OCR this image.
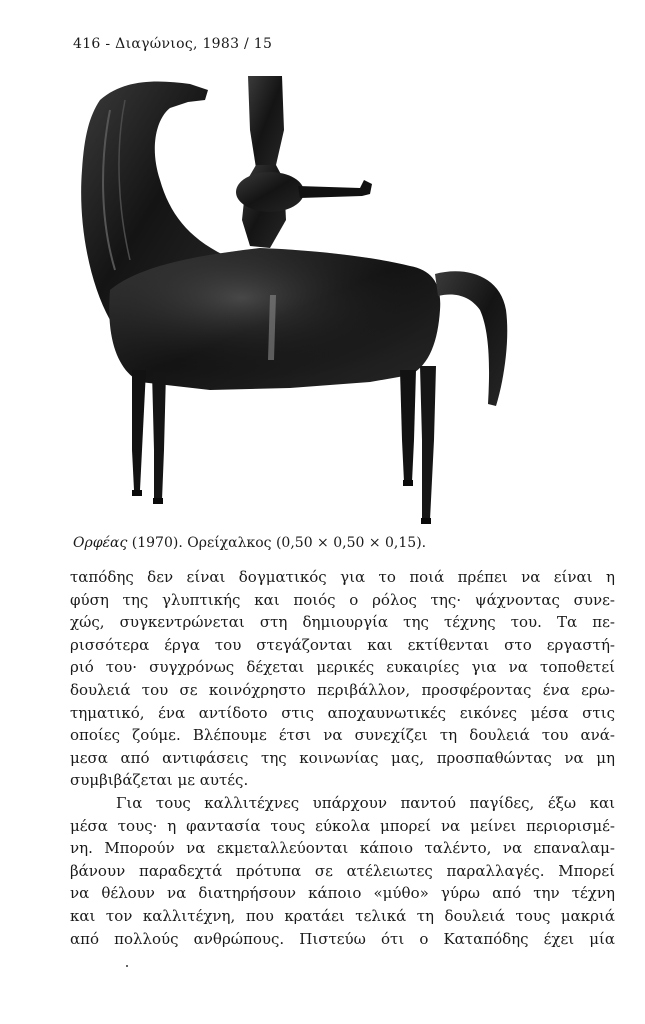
416 - Διαγώνιος, 1983 / 15
Ορφέας (1970). Ορείχαλκος (0,50 × 0,50 × 0,15).
ταπόδης δεν είναι δογματικός για το ποιά πρέπει να είναι η
φύση της γλυπτικής και ποιός ο ρόλος της· ψάχνοντας συνε-
χώς, συγκεντρώνεται στη δημιουργία της τέχνης του. Τα πε-
ρισσότερα έργα του στεγάζονται και εκτίθενται στο εργαστή-
ριό του· συγχρόνως δέχεται μερικές ευκαιρίες για να τοποθετεί
δουλειά του σε κοινόχρηστο περιβάλλον, προσφέροντας ένα ερω-
τηματικό, ένα αντίδοτο στις αποχαυνωτικές εικόνες μέσα στις
οποίες ζούμε. Βλέπουμε έτσι να συνεχίζει τη δουλειά του ανά-
μεσα από αντιφάσεις της κοινωνίας μας, προσπαθώντας να μη
συμβιβάζεται με αυτές.
Για τους καλλιτέχνες υπάρχουν παντού παγίδες, έξω και
μέσα τους· η φαντασία τους εύκολα μπορεί να μείνει περιορισμέ-
νη. Μπορούν να εκμεταλλεύονται κάποιο ταλέντο, να επαναλαμ-
βάνουν παραδεχτά πρότυπα σε ατέλειωτες παραλλαγές. Μπορεί
να θέλουν να διατηρήσουν κάποιο «μύθο» γύρω από την τέχνη
και τον καλλιτέχνη, που κρατάει τελικά τη δουλειά τους μακριά
από πολλούς ανθρώπους. Πιστεύω ότι ο Καταπόδης έχει μία
